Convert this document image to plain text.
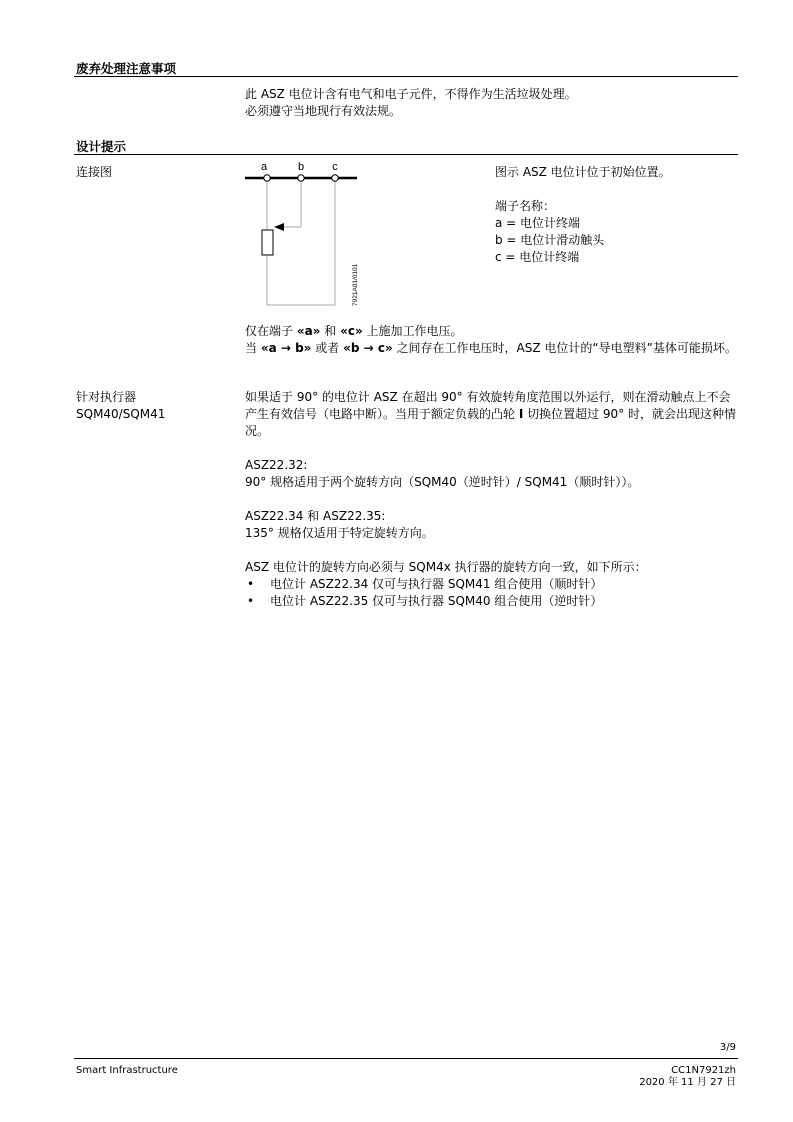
废弃处理注意事项

此 ASZ 电位计含有电气和电子元件，不得作为生活垃圾处理。

必须遵守当地现行有效法规。

设计提示
连接图	a	b	c
7921A01/0101

图示 ASZ 电位计位于初始位置。

端子名称：

a = 电位计终端

b = 电位计滑动触头

c = 电位计终端

仅在端子 «a» 和 «c» 上施加工作电压。

当 «a → b» 或者 «b → c» 之间存在工作电压时，ASZ 电位计的“导电塑料”基体可能损坏。

针对执行器
SQM40/SQM41

如果适于 90° 的电位计 ASZ 在超出 90° 有效旋转角度范围以外运行，则在滑动触点上不会产生有效信号（电路中断）。当用于额定负载的凸轮 I 切换位置超过 90° 时，就会出现这种情况。

ASZ22.32:

90° 规格适用于两个旋转方向（SQM40（逆时针）/ SQM41（顺时针））。

ASZ22.34 和 ASZ22.35:

135° 规格仅适用于特定旋转方向。

ASZ 电位计的旋转方向必须与 SQM4x 执行器的旋转方向一致，如下所示：

• 电位计 ASZ22.34 仅可与执行器 SQM41 组合使用（顺时针）
• 电位计 ASZ22.35 仅可与执行器 SQM40 组合使用（逆时针）
3/9
Smart Infrastructure	CC1N7921zh
2020 年 11 月 27 日
